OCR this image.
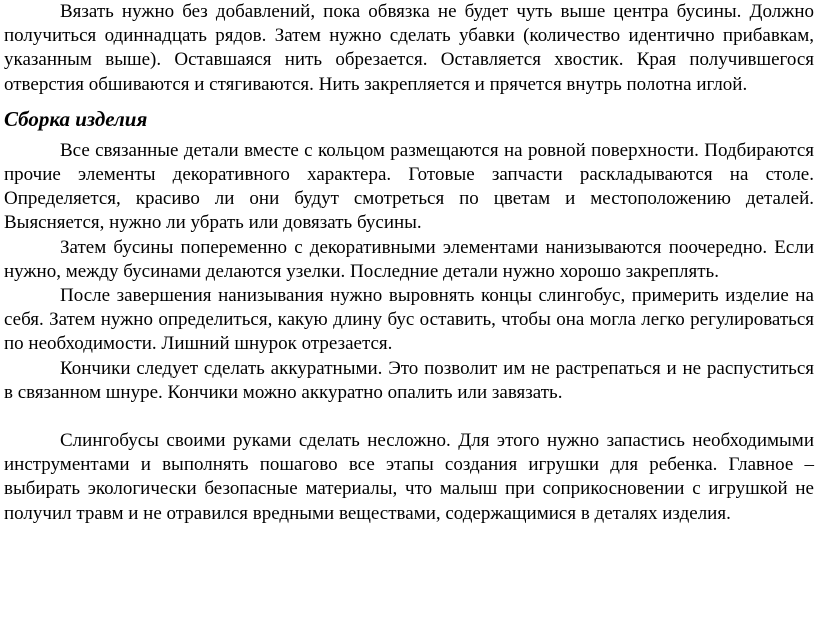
Вязать нужно без добавлений, пока обвязка не будет чуть выше центра бусины. Должно получиться одиннадцать рядов. Затем нужно сделать убавки (количество идентично прибавкам, указанным выше). Оставшаяся нить обрезается. Оставляется хвостик. Края получившегося отверстия обшиваются и стягиваются. Нить закрепляется и прячется внутрь полотна иглой.

Сборка изделия

Все связанные детали вместе с кольцом размещаются на ровной поверхности. Подбираются прочие элементы декоративного характера. Готовые запчасти раскладываются на столе. Определяется, красиво ли они будут смотреться по цветам и местоположению деталей. Выясняется, нужно ли убрать или довязать бусины.

Затем бусины попеременно с декоративными элементами нанизываются поочередно. Если нужно, между бусинами делаются узелки. Последние детали нужно хорошо закреплять.

После завершения нанизывания нужно выровнять концы слингобус, примерить изделие на себя. Затем нужно определиться, какую длину бус оставить, чтобы она могла легко регулироваться по необходимости. Лишний шнурок отрезается.

Кончики следует сделать аккуратными. Это позволит им не растрепаться и не распуститься в связанном шнуре. Кончики можно аккуратно опалить или завязать.

Слингобусы своими руками сделать несложно. Для этого нужно запастись необходимыми инструментами и выполнять пошагово все этапы создания игрушки для ребенка. Главное – выбирать экологически безопасные материалы, что малыш при соприкосновении с игрушкой не получил травм и не отравился вредными веществами, содержащимися в деталях изделия.
